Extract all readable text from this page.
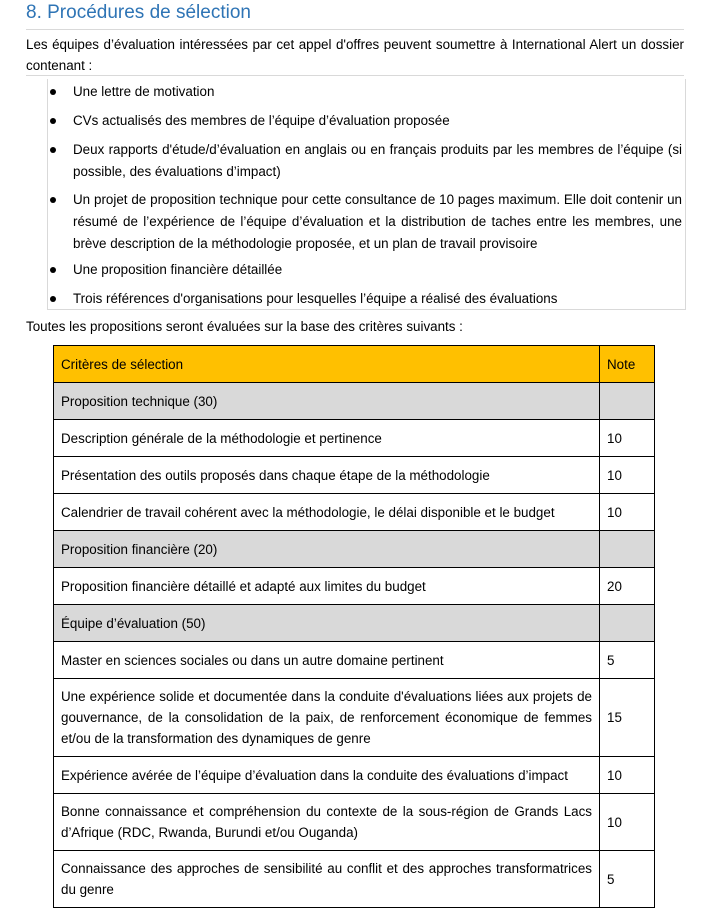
8. Procédures de sélection
Les équipes d’évaluation intéressées par cet appel d'offres peuvent soumettre à International Alert un dossier contenant :
Une lettre de motivation
CVs actualisés des membres de l’équipe d’évaluation proposée
Deux rapports d'étude/d’évaluation en anglais ou en français produits par les membres de l’équipe (si possible, des évaluations d’impact)
Un projet de proposition technique pour cette consultance de 10 pages maximum. Elle doit contenir un résumé de l’expérience de l’équipe d’évaluation et la distribution de taches entre les membres, une brève description de la méthodologie proposée, et un plan de travail provisoire
Une proposition financière détaillée
Trois références d'organisations pour lesquelles l’équipe a réalisé des évaluations
Toutes les propositions seront évaluées sur la base des critères suivants :
Critères de sélection	Note
Proposition technique (30)	
Description générale de la méthodologie et pertinence	10
Présentation des outils proposés dans chaque étape de la méthodologie	10
Calendrier de travail cohérent avec la méthodologie, le délai disponible et le budget	10
Proposition financière (20)	
Proposition financière détaillé et adapté aux limites du budget	20
Équipe d’évaluation (50)	
Master en sciences sociales ou dans un autre domaine pertinent	5
Une expérience solide et documentée dans la conduite d'évaluations liées aux projets de gouvernance, de la consolidation de la paix, de renforcement économique de femmes et/ou de la transformation des dynamiques de genre	15
Expérience avérée de l’équipe d’évaluation dans la conduite des évaluations d’impact	10
Bonne connaissance et compréhension du contexte de la sous-région de Grands Lacs d’Afrique (RDC, Rwanda, Burundi et/ou Ouganda)	10
Connaissance des approches de sensibilité au conflit et des approches transformatrices du genre	5
